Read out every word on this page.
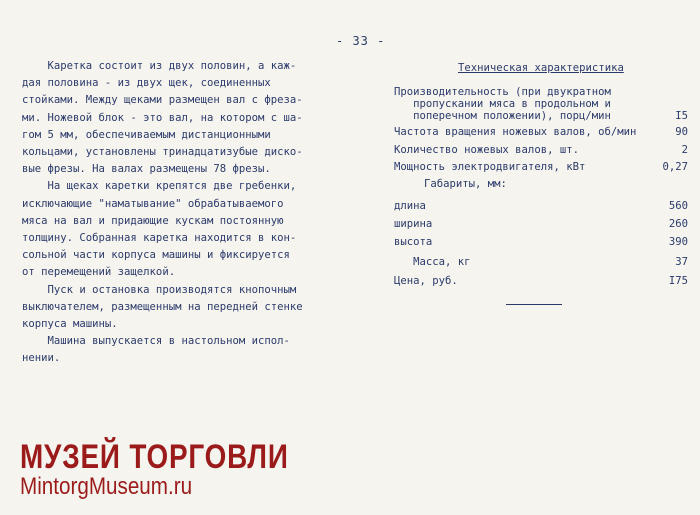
- 33 -

Каретка состоит из двух половин, а каж-

дая половина - из двух щек, соединенных

стойками. Между щеками размещен вал с фреза-

ми. Ножевой блок - это вал, на котором с ша-

гом 5 мм, обеспечиваемым дистанционными

кольцами, установлены тринадцатизубые диско-

вые фрезы. На валах размещены 78 фрезы.

На щеках каретки крепятся две гребенки,

исключающие "наматывание" обрабатываемого

мяса на вал и придающие кускам постоянную

толщину. Собранная каретка находится в кон-

сольной части корпуса машины и фиксируется

от перемещений защелкой.

Пуск и остановка производятся кнопочным

выключателем, размещенным на передней стенке

корпуса машины.

Машина выпускается в настольном испол-

нении.

Техническая характеристика
Производительность (при двукратном
пропускании мяса в продольном и
поперечном положении), порц/мин	I5
Частота вращения ножевых валов, об/мин	90
Количество ножевых валов, шт.	2
Мощность электродвигателя, кВт	0,27
Габариты, мм:
длина	560
ширина	260
высота	390
Масса, кг	37
Цена, руб.	I75
МУЗЕЙ ТОРГОВЛИ
MintorgMuseum.ru
